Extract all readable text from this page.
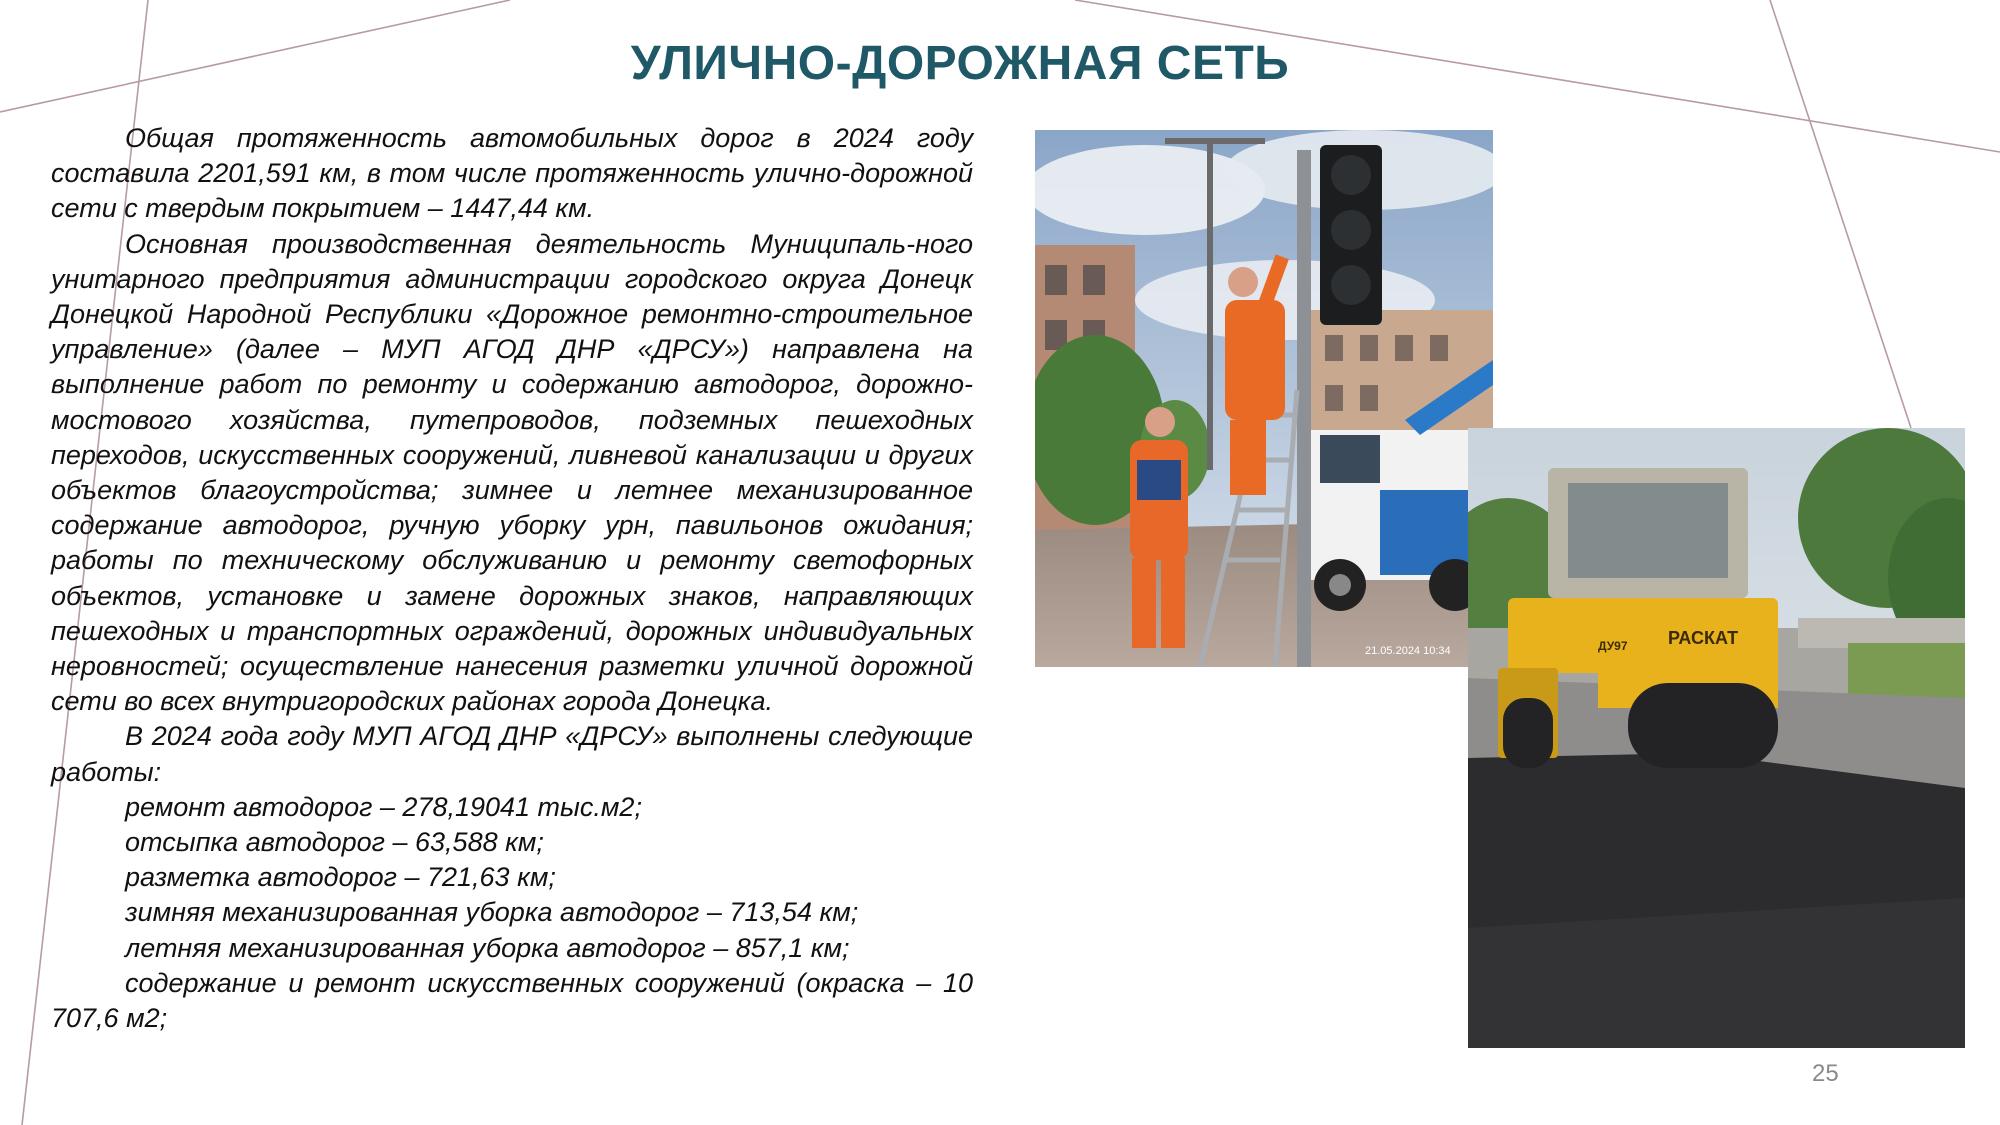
УЛИЧНО-ДОРОЖНАЯ СЕТЬ

Общая протяженность автомобильных дорог в 2024 году составила 2201,591 км, в том числе протяженность улично-дорожной сети с твердым покрытием – 1447,44 км.

Основная производственная деятельность Муниципаль-ного унитарного предприятия администрации городского округа Донецк Донецкой Народной Республики «Дорожное ремонтно-строительное управление» (далее – МУП АГОД ДНР «ДРСУ») направлена на выполнение работ по ремонту и содержанию автодорог, дорожно-мостового хозяйства, путепроводов, подземных пешеходных переходов, искусственных сооружений, ливневой канализации и других объектов благоустройства; зимнее и летнее механизированное содержание автодорог, ручную уборку урн, павильонов ожидания; работы по техническому обслуживанию и ремонту светофорных объектов, установке и замене дорожных знаков, направляющих пешеходных и транспортных ограждений, дорожных индивидуальных неровностей; осуществление нанесения разметки уличной дорожной сети во всех внутригородских районах города Донецка.

В 2024 года году МУП АГОД ДНР «ДРСУ» выполнены следующие работы:

ремонт автодорог – 278,19041 тыс.м2;

отсыпка автодорог – 63,588 км;

разметка автодорог – 721,63 км;

зимняя механизированная уборка автодорог – 713,54 км;

летняя механизированная уборка автодорог – 857,1 км;

содержание и ремонт искусственных сооружений (окраска – 10 707,6 м2;

21.05.2024 10:34
РАСКАТ
ДУ97
25
